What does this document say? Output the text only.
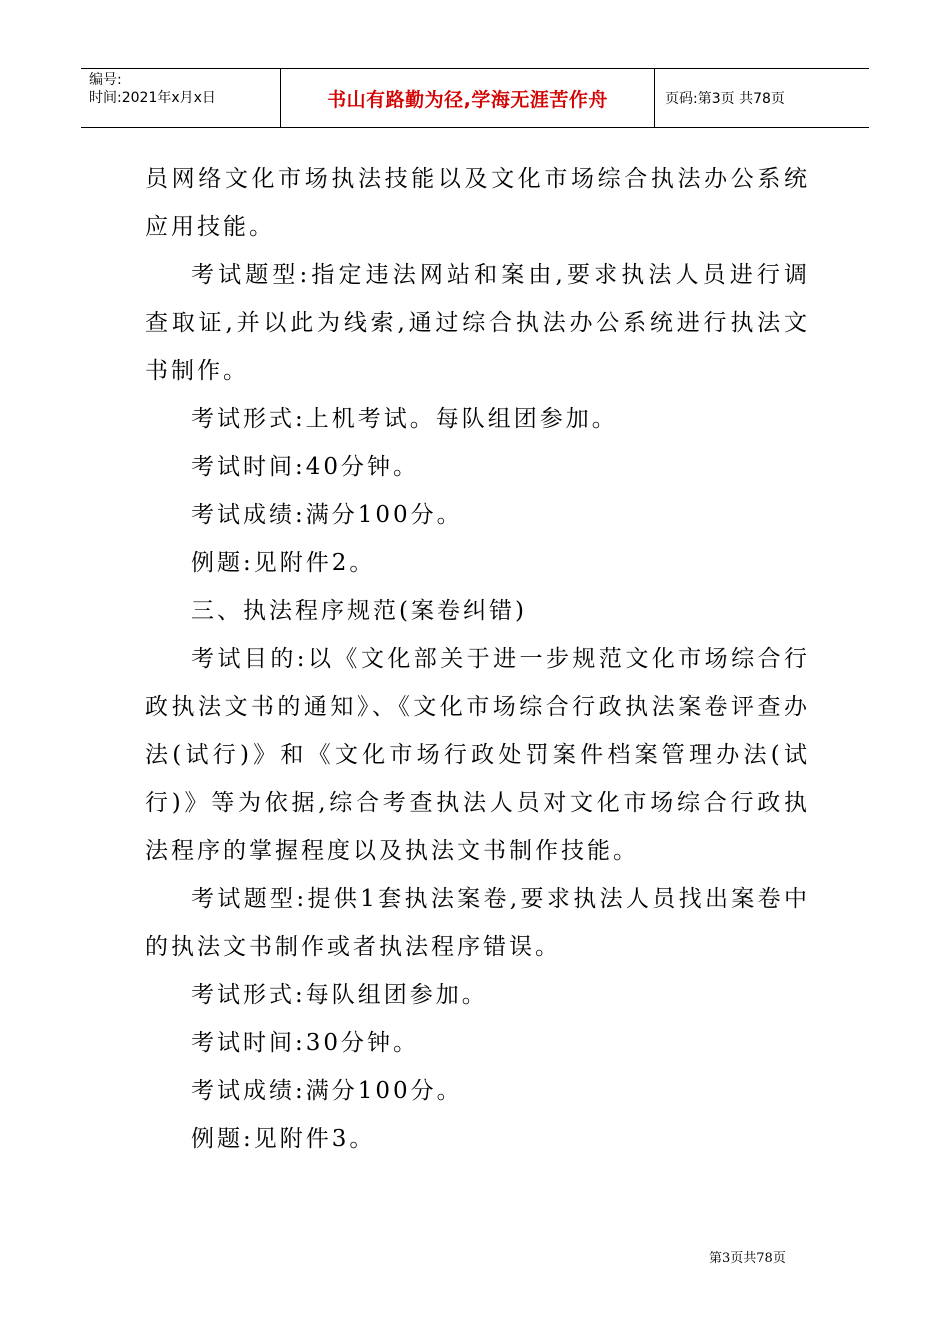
编号:
时间:2021年x月x日	书山有路勤为径,学海无涯苦作舟	页码:第3页 共78页

员网络文化市场执法技能以及文化市场综合执法办公系统应用技能。

考试题型:指定违法网站和案由,要求执法人员进行调查取证,并以此为线索,通过综合执法办公系统进行执法文书制作。

考试形式:上机考试。每队组团参加。

考试时间:40分钟。

考试成绩:满分100分。

例题:见附件2。

三、执法程序规范(案卷纠错)

考试目的:以《文化部关于进一步规范文化市场综合行政执法文书的通知》、《文化市场综合行政执法案卷评查办法(试行)》和《文化市场行政处罚案件档案管理办法(试行)》等为依据,综合考查执法人员对文化市场综合行政执法程序的掌握程度以及执法文书制作技能。

考试题型:提供1套执法案卷,要求执法人员找出案卷中的执法文书制作或者执法程序错误。

考试形式:每队组团参加。

考试时间:30分钟。

考试成绩:满分100分。

例题:见附件3。

第3页共78页
